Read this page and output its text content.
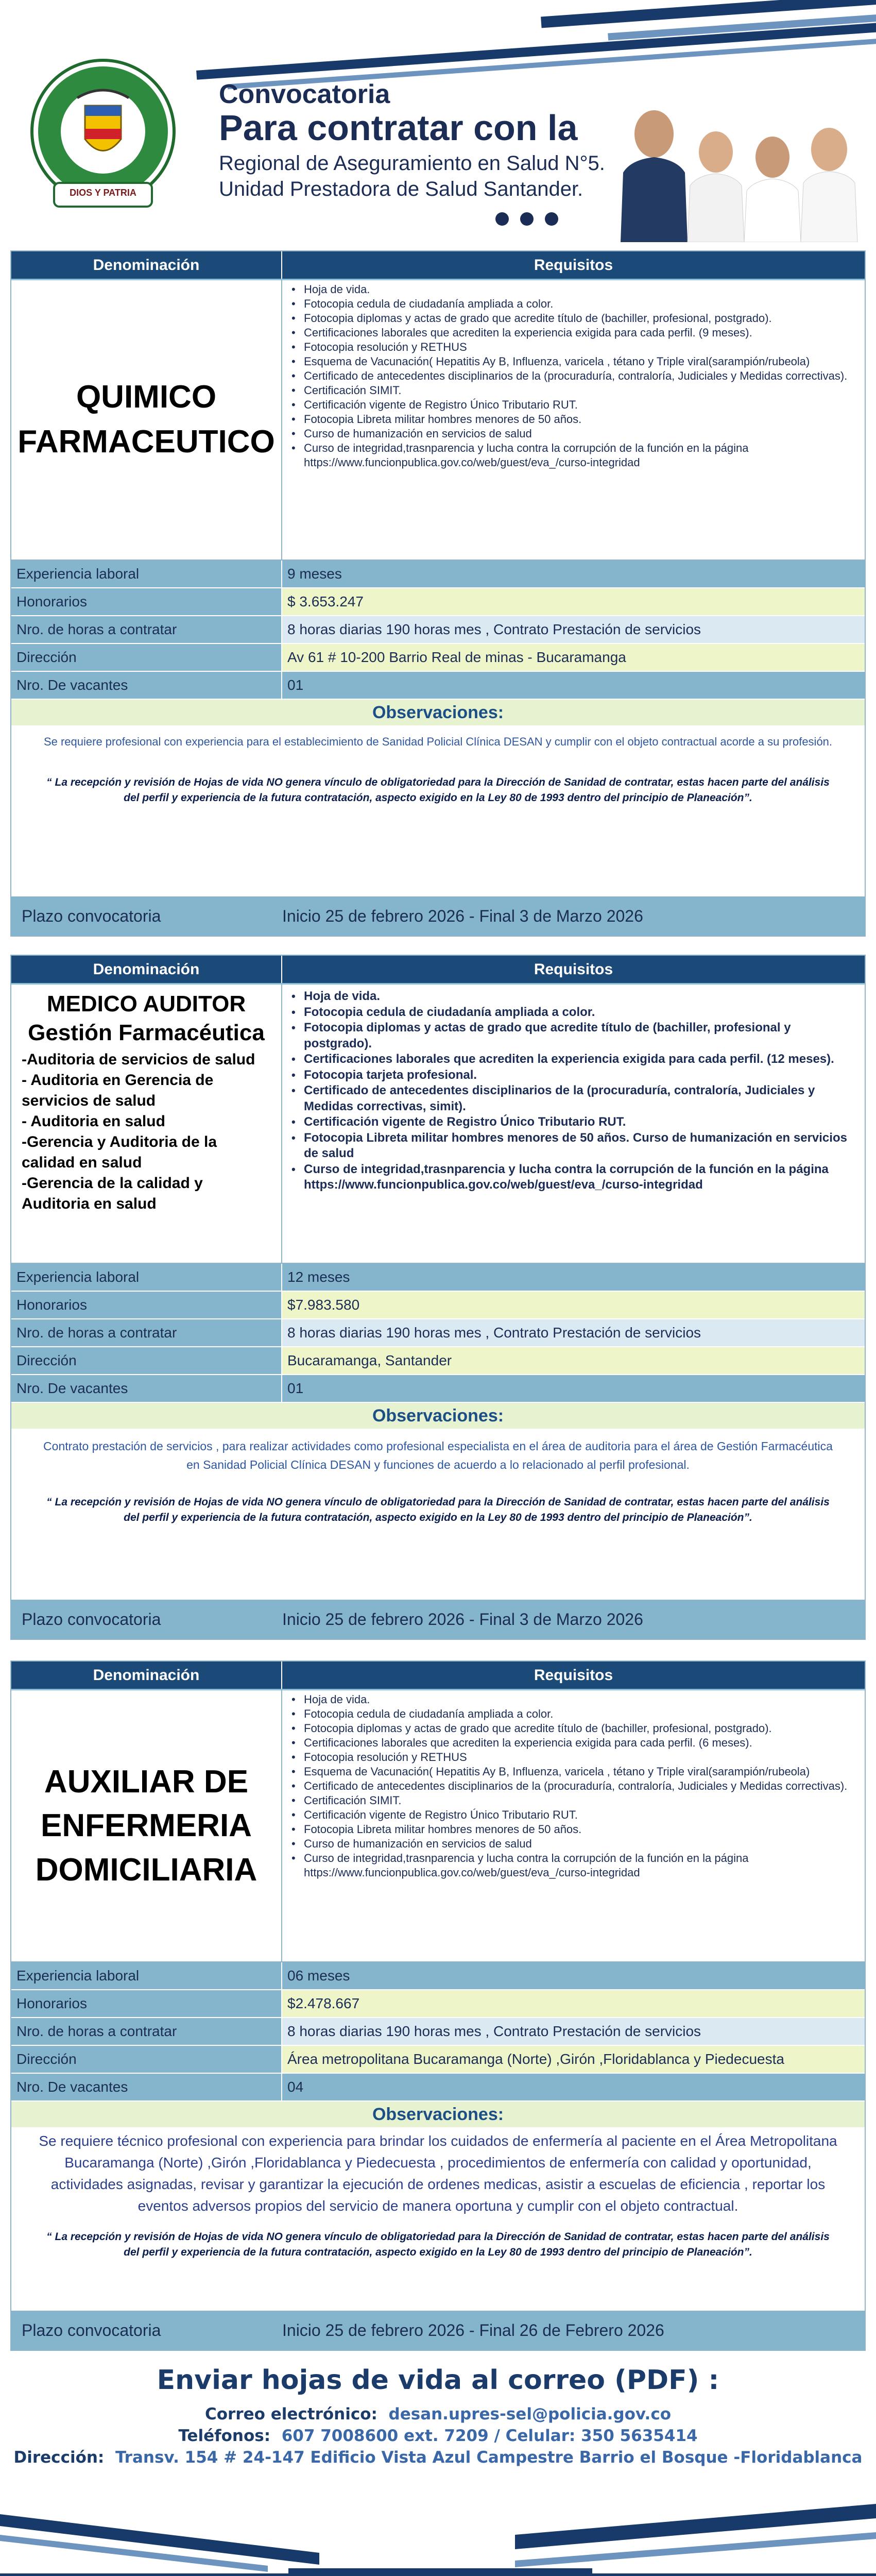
DIOS Y PATRIA
Convocatoria
Para contratar con la
Regional de Aseguramiento en Salud N°5.
Unidad Prestadora de Salud Santander.
Denominación	Requisitos
QUIMICO FARMACEUTICO
• Hoja de vida.
• Fotocopia cedula de ciudadanía ampliada a color.
• Fotocopia diplomas y actas de grado que acredite título de (bachiller, profesional, postgrado).
• Certificaciones laborales que acrediten la experiencia exigida para cada perfil. (9 meses).
• Fotocopia resolución y RETHUS
• Esquema de Vacunación( Hepatitis Ay B, Influenza, varicela , tétano y Triple viral(sarampión/rubeola)
• Certificado de antecedentes disciplinarios de la (procuraduría, contraloría, Judiciales y Medidas correctivas).
• Certificación SIMIT.
• Certificación vigente de Registro Único Tributario RUT.
• Fotocopia Libreta militar hombres menores de 50 años.
• Curso de humanización en servicios de salud
• Curso de integridad,trasnparencia y lucha contra la corrupción de la función en la página https://www.funcionpublica.gov.co/web/guest/eva_/curso-integridad
Experiencia laboral	9 meses
Honorarios	$ 3.653.247
Nro. de horas a contratar	8 horas diarias 190 horas mes , Contrato Prestación de servicios
Dirección	Av 61 # 10-200 Barrio Real de minas - Bucaramanga
Nro. De vacantes	01
Observaciones:
Se requiere profesional con experiencia para el establecimiento de Sanidad Policial Clínica DESAN y cumplir con el objeto contractual acorde a su profesión.
“ La recepción y revisión de Hojas de vida NO genera vínculo de obligatoriedad para la Dirección de Sanidad de contratar, estas hacen parte del análisis del perfil y experiencia de la futura contratación, aspecto exigido en la Ley 80 de 1993 dentro del principio de Planeación”.
Plazo convocatoria	Inicio 25 de febrero 2026 - Final 3 de Marzo 2026
Denominación	Requisitos
MEDICO AUDITOR Gestión Farmacéutica
-Auditoria de servicios de salud
- Auditoria en Gerencia de servicios de salud
- Auditoria en salud
-Gerencia y Auditoria de la calidad en salud
-Gerencia de la calidad y Auditoria en salud
• Hoja de vida.
• Fotocopia cedula de ciudadanía ampliada a color.
• Fotocopia diplomas y actas de grado que acredite título de (bachiller, profesional y postgrado).
• Certificaciones laborales que acrediten la experiencia exigida para cada perfil. (12 meses).
• Fotocopia tarjeta profesional.
• Certificado de antecedentes disciplinarios de la (procuraduría, contraloría, Judiciales y Medidas correctivas, simit).
• Certificación vigente de Registro Único Tributario RUT.
• Fotocopia Libreta militar hombres menores de 50 años. Curso de humanización en servicios de salud
• Curso de integridad,trasnparencia y lucha contra la corrupción de la función en la página https://www.funcionpublica.gov.co/web/guest/eva_/curso-integridad
Experiencia laboral	12 meses
Honorarios	$7.983.580
Nro. de horas a contratar	8 horas diarias 190 horas mes , Contrato Prestación de servicios
Dirección	Bucaramanga, Santander
Nro. De vacantes	01
Observaciones:
Contrato prestación de servicios , para realizar actividades como profesional especialista en el área de auditoria para el área de Gestión Farmacéutica en Sanidad Policial Clínica DESAN y funciones de acuerdo a lo relacionado al perfil profesional.
“ La recepción y revisión de Hojas de vida NO genera vínculo de obligatoriedad para la Dirección de Sanidad de contratar, estas hacen parte del análisis del perfil y experiencia de la futura contratación, aspecto exigido en la Ley 80 de 1993 dentro del principio de Planeación”.
Plazo convocatoria	Inicio 25 de febrero 2026 - Final 3 de Marzo 2026
Denominación	Requisitos
AUXILIAR DE ENFERMERIA DOMICILIARIA
• Hoja de vida.
• Fotocopia cedula de ciudadanía ampliada a color.
• Fotocopia diplomas y actas de grado que acredite título de (bachiller, profesional, postgrado).
• Certificaciones laborales que acrediten la experiencia exigida para cada perfil. (6 meses).
• Fotocopia resolución y RETHUS
• Esquema de Vacunación( Hepatitis Ay B, Influenza, varicela , tétano y Triple viral(sarampión/rubeola)
• Certificado de antecedentes disciplinarios de la (procuraduría, contraloría, Judiciales y Medidas correctivas).
• Certificación SIMIT.
• Certificación vigente de Registro Único Tributario RUT.
• Fotocopia Libreta militar hombres menores de 50 años.
• Curso de humanización en servicios de salud
• Curso de integridad,trasnparencia y lucha contra la corrupción de la función en la página https://www.funcionpublica.gov.co/web/guest/eva_/curso-integridad
Experiencia laboral	06 meses
Honorarios	$2.478.667
Nro. de horas a contratar	8 horas diarias 190 horas mes , Contrato Prestación de servicios
Dirección	Área metropolitana Bucaramanga (Norte) ,Girón ,Floridablanca y Piedecuesta
Nro. De vacantes	04
Observaciones:
Se requiere técnico profesional con experiencia para brindar los cuidados de enfermería al paciente en el Área Metropolitana Bucaramanga (Norte) ,Girón ,Floridablanca y Piedecuesta , procedimientos de enfermería con calidad y oportunidad, actividades asignadas, revisar y garantizar la ejecución de ordenes medicas, asistir a escuelas de eficiencia , reportar los eventos adversos propios del servicio de manera oportuna y cumplir con el objeto contractual.
“ La recepción y revisión de Hojas de vida NO genera vínculo de obligatoriedad para la Dirección de Sanidad de contratar, estas hacen parte del análisis del perfil y experiencia de la futura contratación, aspecto exigido en la Ley 80 de 1993 dentro del principio de Planeación”.
Plazo convocatoria	Inicio 25 de febrero 2026 - Final 26 de Febrero 2026
Enviar hojas de vida al correo (PDF) :
Correo electrónico: desan.upres-sel@policia.gov.co
Teléfonos: 607 7008600 ext. 7209 / Celular: 350 5635414
Dirección: Transv. 154 # 24-147 Edificio Vista Azul Campestre Barrio el Bosque -Floridablanca
